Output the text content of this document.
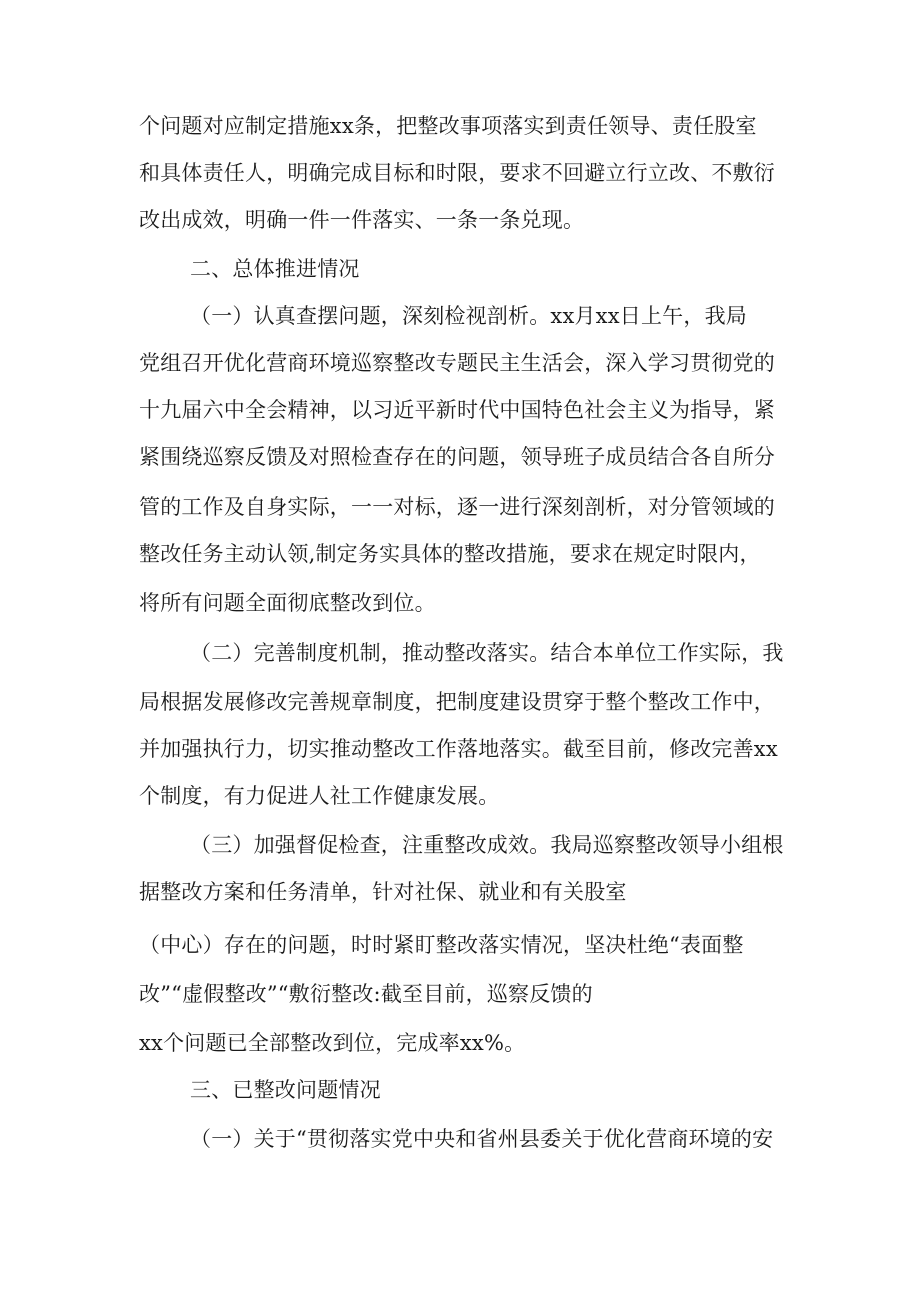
个问题对应制定措施xx条，把整改事项落实到责任领导、责任股室
和具体责任人，明确完成目标和时限，要求不回避立行立改、不敷衍
改出成效，明确一件一件落实、一条一条兑现。
二、总体推进情况
（一）认真查摆问题，深刻检视剖析。xx月xx日上午，我局
党组召开优化营商环境巡察整改专题民主生活会，深入学习贯彻党的
十九届六中全会精神，以习近平新时代中国特色社会主义为指导，紧
紧围绕巡察反馈及对照检查存在的问题，领导班子成员结合各自所分
管的工作及自身实际，一一对标，逐一进行深刻剖析，对分管领域的
整改任务主动认领,制定务实具体的整改措施，要求在规定时限内，
将所有问题全面彻底整改到位。
（二）完善制度机制，推动整改落实。结合本单位工作实际，我
局根据发展修改完善规章制度，把制度建设贯穿于整个整改工作中，
并加强执行力，切实推动整改工作落地落实。截至目前，修改完善xx
个制度，有力促进人社工作健康发展。
（三）加强督促检查，注重整改成效。我局巡察整改领导小组根
据整改方案和任务清单，针对社保、就业和有关股室
（中心）存在的问题，时时紧盯整改落实情况，坚决杜绝“表面整
改”“虚假整改”“敷衍整改:截至目前，巡察反馈的
xx个问题已全部整改到位，完成率xx%。
三、已整改问题情况
（一）关于“贯彻落实党中央和省州县委关于优化营商环境的安
